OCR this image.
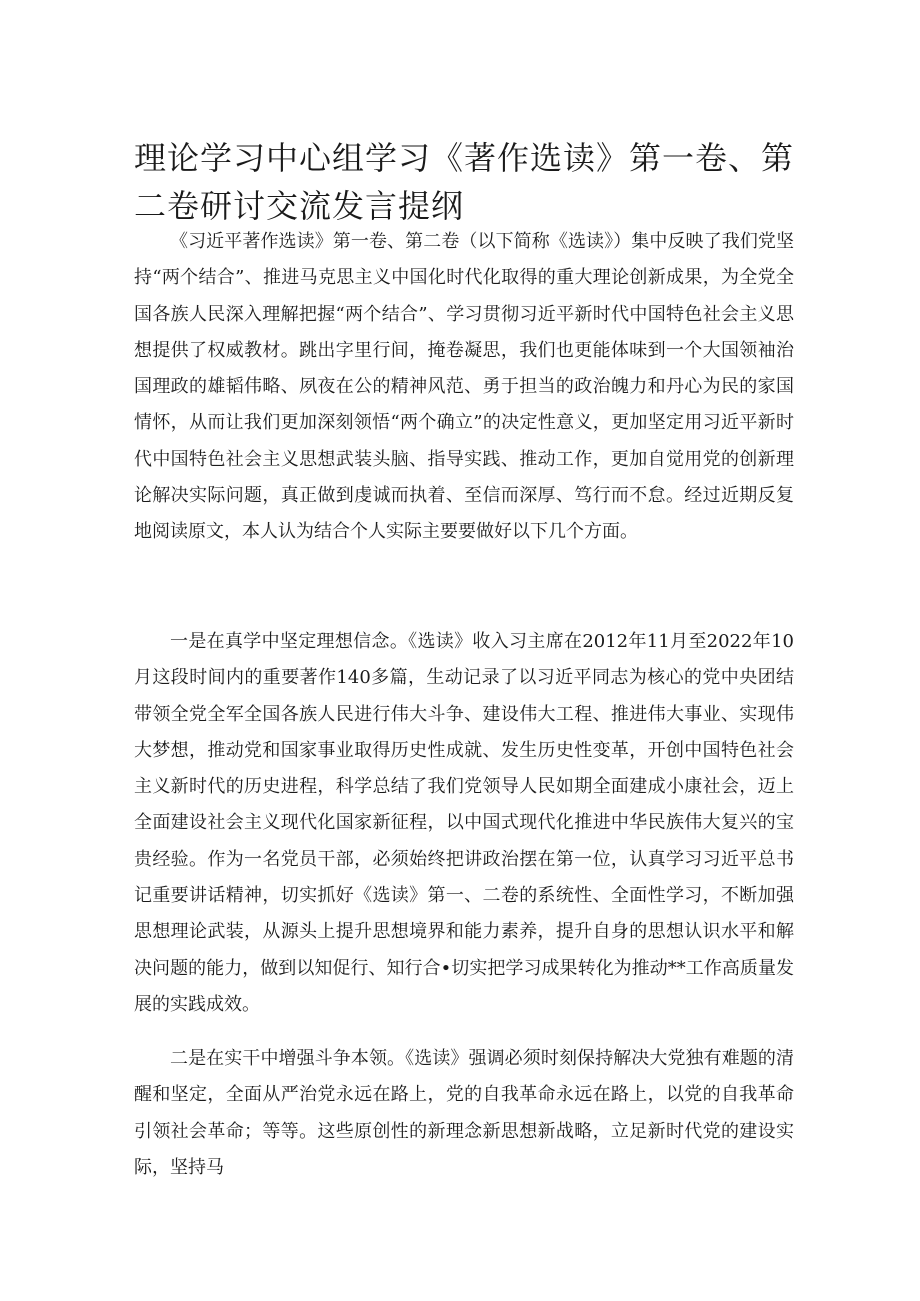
理论学习中心组学习《著作选读》第一卷、第二卷研讨交流发言提纲

《习近平著作选读》第一卷、第二卷（以下简称《选读》）集中反映了我们党坚持“两个结合”、推进马克思主义中国化时代化取得的重大理论创新成果，为全党全国各族人民深入理解把握“两个结合”、学习贯彻习近平新时代中国特色社会主义思想提供了权威教材。跳出字里行间，掩卷凝思，我们也更能体味到一个大国领袖治国理政的雄韬伟略、夙夜在公的精神风范、勇于担当的政治魄力和丹心为民的家国情怀，从而让我们更加深刻领悟“两个确立”的决定性意义，更加坚定用习近平新时代中国特色社会主义思想武装头脑、指导实践、推动工作，更加自觉用党的创新理论解决实际问题，真正做到虔诚而执着、至信而深厚、笃行而不怠。经过近期反复地阅读原文，本人认为结合个人实际主要要做好以下几个方面。

一是在真学中坚定理想信念。《选读》收入习主席在2012年11月至2022年10月这段时间内的重要著作140多篇，生动记录了以习近平同志为核心的党中央团结带领全党全军全国各族人民进行伟大斗争、建设伟大工程、推进伟大事业、实现伟大梦想，推动党和国家事业取得历史性成就、发生历史性变革，开创中国特色社会主义新时代的历史进程，科学总结了我们党领导人民如期全面建成小康社会，迈上全面建设社会主义现代化国家新征程，以中国式现代化推进中华民族伟大复兴的宝贵经验。作为一名党员干部，必须始终把讲政治摆在第一位，认真学习习近平总书记重要讲话精神，切实抓好《选读》第一、二卷的系统性、全面性学习，不断加强思想理论武装，从源头上提升思想境界和能力素养，提升自身的思想认识水平和解决问题的能力，做到以知促行、知行合•切实把学习成果转化为推动**工作高质量发展的实践成效。

二是在实干中增强斗争本领。《选读》强调必须时刻保持解决大党独有难题的清醒和坚定，全面从严治党永远在路上，党的自我革命永远在路上，以党的自我革命引领社会革命；等等。这些原创性的新理念新思想新战略，立足新时代党的建设实际，坚持马
